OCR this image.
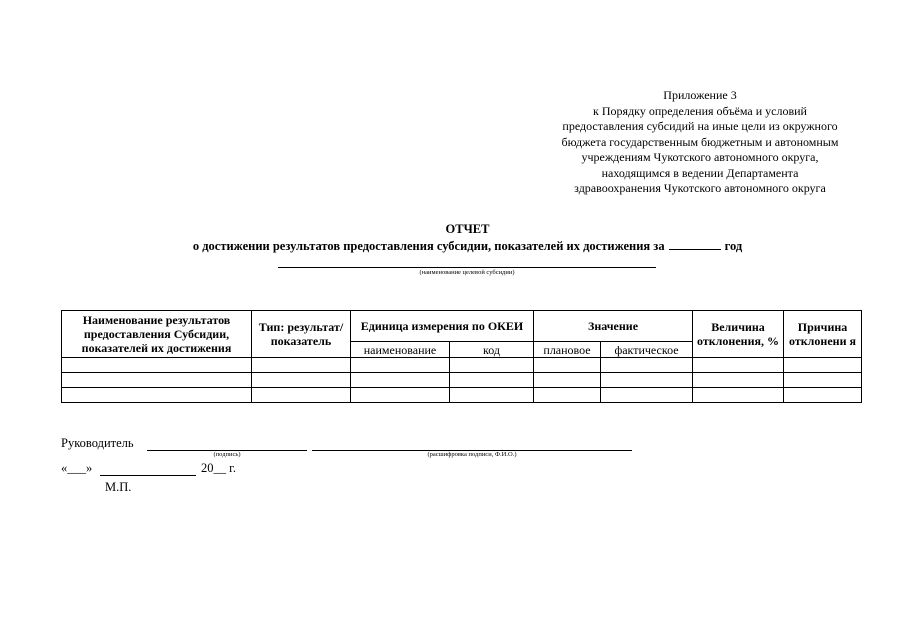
Приложение 3
к Порядку определения объёма и условий
предоставления субсидий на иные цели из окружного
бюджета государственным бюджетным и автономным
учреждениям Чукотского автономного округа,
находящимся в ведении Департамента
здравоохранения Чукотского автономного округа
ОТЧЕТ
о достижении результатов предоставления субсидии, показателей их достижения за	год
(наименование целевой субсидии)
Наименование результатов предоставления Субсидии, показателей их достижения	Тип: результат/ показатель	Единица измерения по ОКЕИ		Значение		Величина отклонения, %	Причина отклонени я
		наименование	код	плановое	фактическое		

Руководитель
(подпись)	(расшифровка подписи, Ф.И.О.)
«___»	20__ г.
М.П.
